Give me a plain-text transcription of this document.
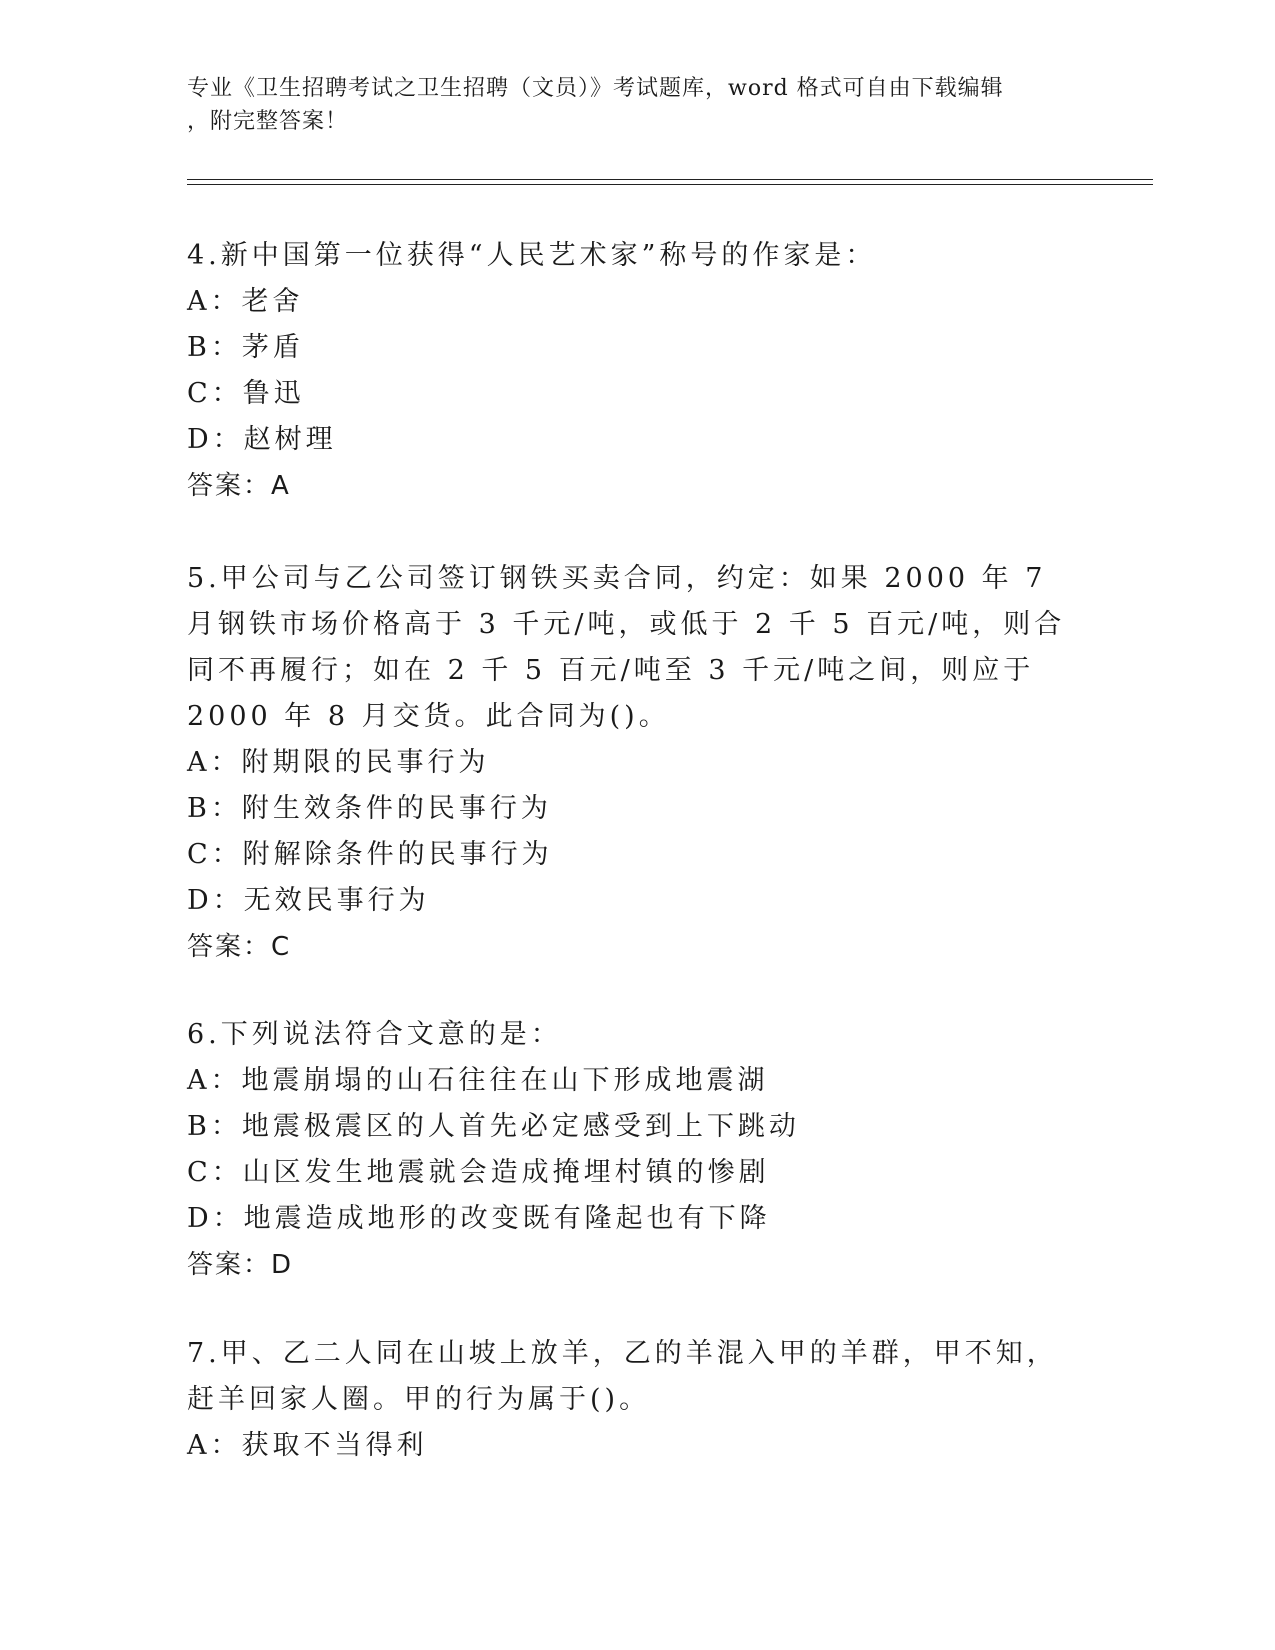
专业《卫生招聘考试之卫生招聘（文员）》考试题库，word 格式可自由下载编辑
，附完整答案！

4.新中国第一位获得“人民艺术家”称号的作家是：

A：老舍

B：茅盾

C：鲁迅

D：赵树理

答案：A

5.甲公司与乙公司签订钢铁买卖合同，约定：如果 2000 年 7 月钢铁市场价格高于 3 千元/吨，或低于 2 千 5 百元/吨，则合同不再履行；如在 2 千 5 百元/吨至 3 千元/吨之间，则应于 2000 年 8 月交货。此合同为()。

A：附期限的民事行为

B：附生效条件的民事行为

C：附解除条件的民事行为

D：无效民事行为

答案：C

6.下列说法符合文意的是：

A：地震崩塌的山石往往在山下形成地震湖

B：地震极震区的人首先必定感受到上下跳动

C：山区发生地震就会造成掩埋村镇的惨剧

D：地震造成地形的改变既有隆起也有下降

答案：D

7.甲、乙二人同在山坡上放羊，乙的羊混入甲的羊群，甲不知，赶羊回家人圈。甲的行为属于()。

A：获取不当得利
